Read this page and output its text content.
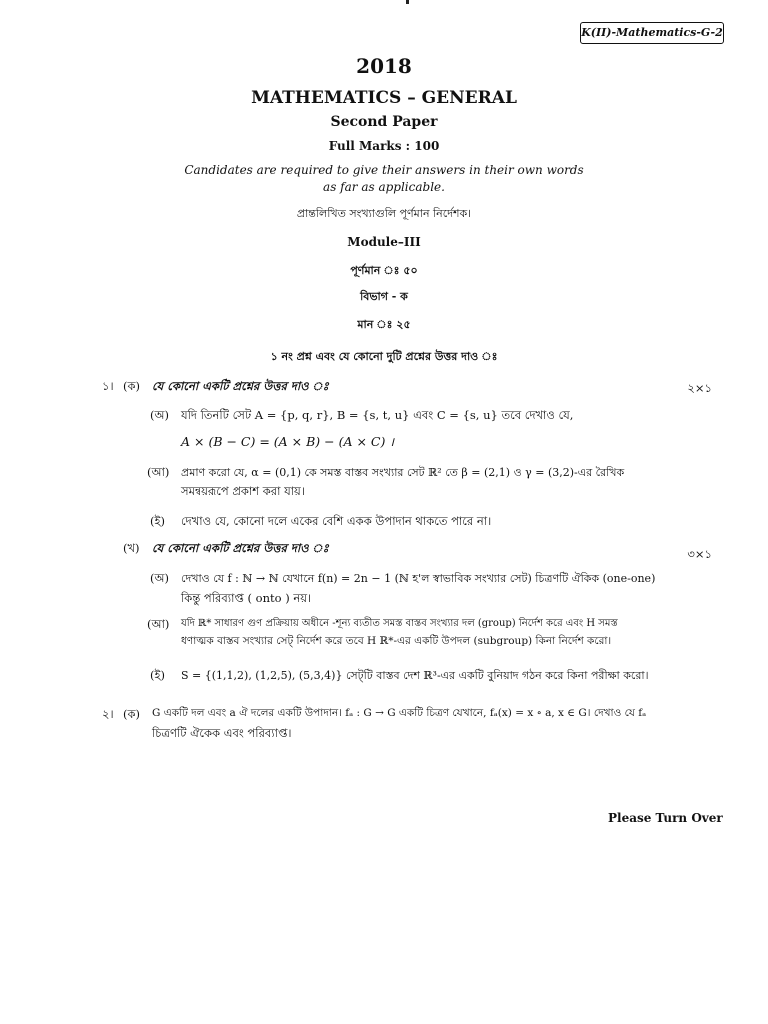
K(II)-Mathematics-G-2
2018
MATHEMATICS – GENERAL
Second Paper
Full Marks : 100
Candidates are required to give their answers in their own words
as far as applicable.
প্রান্তলিখিত সংখ্যাগুলি পূর্ণমান নির্দেশক।
Module–III
পূর্ণমান ঃ ৫০
বিভাগ - ক
মান ঃ ২৫
১ নং প্রশ্ন এবং যে কোনো দুটি প্রশ্নের উত্তর দাও ঃ
১। (ক) যে কোনো একটি প্রশ্নের উত্তর দাও ঃ	২×১
(অ) যদি তিনটি সেট A = {p, q, r}, B = {s, t, u} এবং C = {s, u} তবে দেখাও যে,
A × (B − C) = (A × B) − (A × C) ।
(আ) প্রমাণ করো যে, α = (0,1) কে সমস্ত বাস্তব সংখ্যার সেট ℝ² তে β = (2,1) ও γ = (3,2)-এর রৈখিক
সমন্বয়রূপে প্রকাশ করা যায়।
(ই) দেখাও যে, কোনো দলে একের বেশি একক উপাদান থাকতে পারে না।
(খ) যে কোনো একটি প্রশ্নের উত্তর দাও ঃ	৩×১
(অ) দেখাও যে f : ℕ → ℕ যেখানে f(n) = 2n − 1 (ℕ হ'ল স্বাভাবিক সংখ্যার সেট) চিত্রণটি ঐকিক (one-one)
কিন্তু পরিব্যাপ্ত ( onto ) নয়।
(আ) যদি ℝ* সাধারণ গুণ প্রক্রিয়ায় অধীনে -শূন্য ব্যতীত সমস্ত বাস্তব সংখ্যার দল (group) নির্দেশ করে এবং H সমস্ত
ধণাত্মক বাস্তব সংখ্যার সেট্ নির্দেশ করে তবে H ℝ*-এর একটি উপদল (subgroup) কিনা নির্দেশ করো।
(ই) S = {(1,1,2), (1,2,5), (5,3,4)} সেট্‌টি বাস্তব দেশ ℝ³-এর একটি বুনিয়াদ গঠন করে কিনা পরীক্ষা করো।
২। (ক) G একটি দল এবং a ঐ দলের একটি উপাদান। fₐ : G → G একটি চিত্রণ যেখানে, fₐ(x) = x ∘ a, x ∈ G। দেখাও যে fₐ
চিত্রণটি ঐকেক এবং পরিব্যাপ্ত।
Please Turn Over
